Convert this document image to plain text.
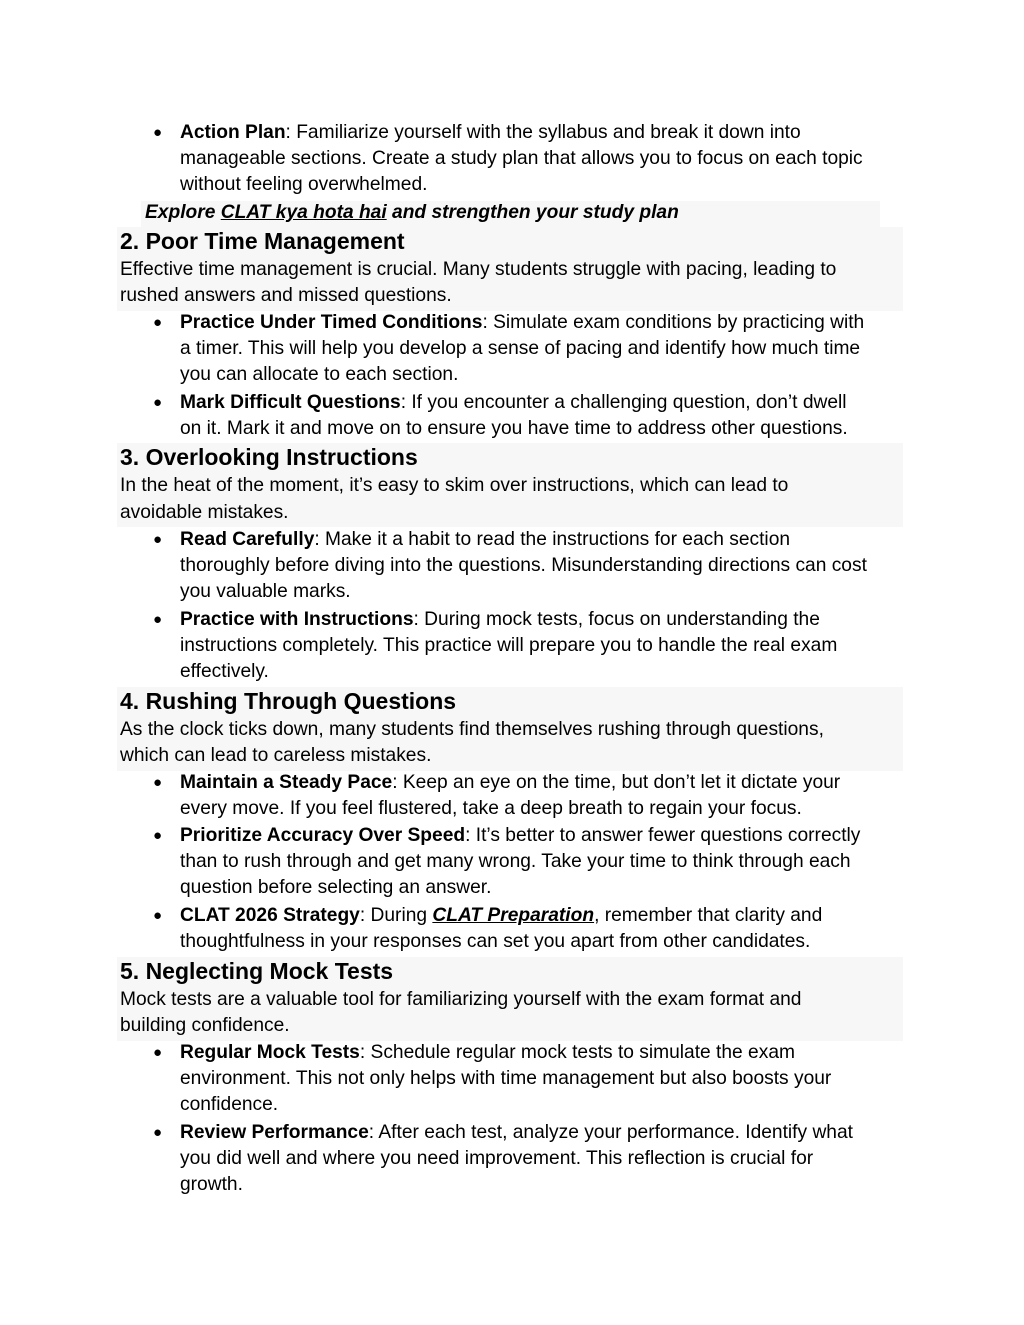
● Action Plan: Familiarize yourself with the syllabus and break it down into
manageable sections. Create a study plan that allows you to focus on each topic
without feeling overwhelmed.
Explore CLAT kya hota hai and strengthen your study plan
2. Poor Time Management
Effective time management is crucial. Many students struggle with pacing, leading to
rushed answers and missed questions.
● Practice Under Timed Conditions: Simulate exam conditions by practicing with
a timer. This will help you develop a sense of pacing and identify how much time
you can allocate to each section.
● Mark Difficult Questions: If you encounter a challenging question, don’t dwell
on it. Mark it and move on to ensure you have time to address other questions.
3. Overlooking Instructions
In the heat of the moment, it’s easy to skim over instructions, which can lead to
avoidable mistakes.
● Read Carefully: Make it a habit to read the instructions for each section
thoroughly before diving into the questions. Misunderstanding directions can cost
you valuable marks.
● Practice with Instructions: During mock tests, focus on understanding the
instructions completely. This practice will prepare you to handle the real exam
effectively.
4. Rushing Through Questions
As the clock ticks down, many students find themselves rushing through questions,
which can lead to careless mistakes.
● Maintain a Steady Pace: Keep an eye on the time, but don’t let it dictate your
every move. If you feel flustered, take a deep breath to regain your focus.
● Prioritize Accuracy Over Speed: It’s better to answer fewer questions correctly
than to rush through and get many wrong. Take your time to think through each
question before selecting an answer.
● CLAT 2026 Strategy: During CLAT Preparation, remember that clarity and
thoughtfulness in your responses can set you apart from other candidates.
5. Neglecting Mock Tests
Mock tests are a valuable tool for familiarizing yourself with the exam format and
building confidence.
● Regular Mock Tests: Schedule regular mock tests to simulate the exam
environment. This not only helps with time management but also boosts your
confidence.
● Review Performance: After each test, analyze your performance. Identify what
you did well and where you need improvement. This reflection is crucial for
growth.
